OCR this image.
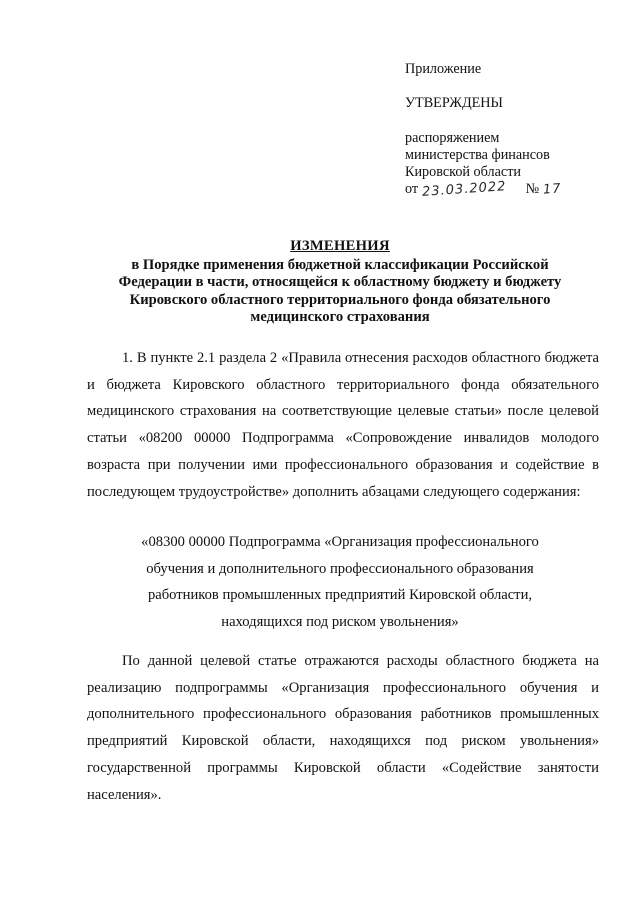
Приложение
УТВЕРЖДЕНЫ
распоряжением
министерства финансов
Кировской области
от 23.03.2022 № 17
ИЗМЕНЕНИЯ
в Порядке применения бюджетной классификации Российской
Федерации в части, относящейся к областному бюджету и бюджету
Кировского областного территориального фонда обязательного
медицинского страхования
1. В пункте 2.1 раздела 2 «Правила отнесения расходов областного бюджета и бюджета Кировского областного территориального фонда обязательного медицинского страхования на соответствующие целевые статьи» после целевой статьи «08200 00000 Подпрограмма «Сопровождение инвалидов молодого возраста при получении ими профессионального образования и содействие в последующем трудоустройстве» дополнить абзацами следующего содержания:
«08300 00000 Подпрограмма «Организация профессионального
обучения и дополнительного профессионального образования
работников промышленных предприятий Кировской области,
находящихся под риском увольнения»
По данной целевой статье отражаются расходы областного бюджета на реализацию подпрограммы «Организация профессионального обучения и дополнительного профессионального образования работников промышленных предприятий Кировской области, находящихся под риском увольнения» государственной программы Кировской области «Содействие занятости населения».
